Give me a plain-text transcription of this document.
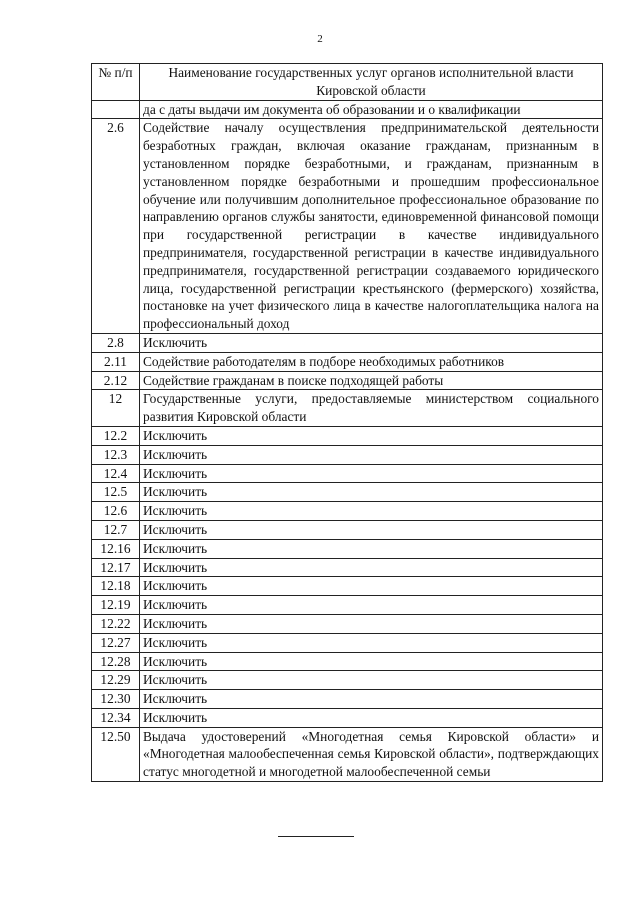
2
№ п/п	Наименование государственных услуг органов исполнительной власти Кировской области
	да с даты выдачи им документа об образовании и о квалификации
2.6	Содействие началу осуществления предпринимательской деятельности безработных граждан, включая оказание гражданам, признанным в установленном порядке безработными, и гражданам, признанным в установленном порядке безработными и прошедшим профессиональное обучение или получившим дополнительное профессиональное образование по направлению органов службы занятости, единовременной финансовой помощи при государственной регистрации в качестве индивидуального предпринимателя, государственной регистрации в качестве индивидуального предпринимателя, государственной регистрации создаваемого юридического лица, государственной регистрации крестьянского (фермерского) хозяйства, постановке на учет физического лица в качестве налогоплательщика налога на профессиональный доход
2.8	Исключить
2.11	Содействие работодателям в подборе необходимых работников
2.12	Содействие гражданам в поиске подходящей работы
12	Государственные услуги, предоставляемые министерством социального развития Кировской области
12.2	Исключить
12.3	Исключить
12.4	Исключить
12.5	Исключить
12.6	Исключить
12.7	Исключить
12.16	Исключить
12.17	Исключить
12.18	Исключить
12.19	Исключить
12.22	Исключить
12.27	Исключить
12.28	Исключить
12.29	Исключить
12.30	Исключить
12.34	Исключить
12.50	Выдача удостоверений «Многодетная семья Кировской области» и «Многодетная малообеспеченная семья Кировской области», подтверждающих статус многодетной и многодетной малообеспеченной семьи
